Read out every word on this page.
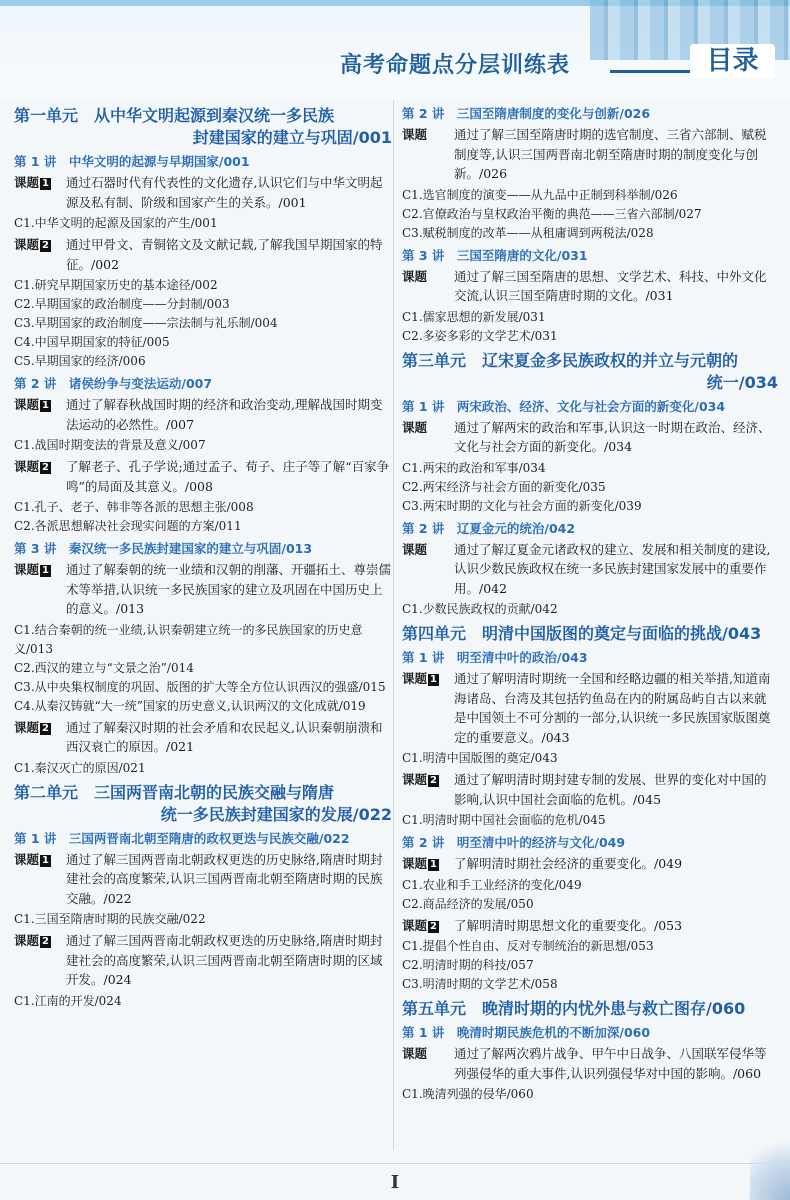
高考命题点分层训练表	目录
第一单元　从中华文明起源到秦汉统一多民族
封建国家的建立与巩固/001
第 1 讲　中华文明的起源与早期国家/001
课题 1	通过石器时代有代表性的文化遗存,认识它们与中华文明起源及私有制、阶级和国家产生的关系。/001
C1.中华文明的起源及国家的产生/001
课题 2	通过甲骨文、青铜铭文及文献记载,了解我国早期国家的特征。/002
C1.研究早期国家历史的基本途径/002
C2.早期国家的政治制度——分封制/003
C3.早期国家的政治制度——宗法制与礼乐制/004
C4.中国早期国家的特征/005
C5.早期国家的经济/006
第 2 讲　诸侯纷争与变法运动/007
课题 1	通过了解春秋战国时期的经济和政治变动,理解战国时期变法运动的必然性。/007
C1.战国时期变法的背景及意义/007
课题 2	了解老子、孔子学说;通过孟子、荀子、庄子等了解“百家争鸣”的局面及其意义。/008
C1.孔子、老子、韩非等各派的思想主张/008
C2.各派思想解决社会现实问题的方案/011
第 3 讲　秦汉统一多民族封建国家的建立与巩固/013
课题 1	通过了解秦朝的统一业绩和汉朝的削藩、开疆拓土、尊崇儒术等举措,认识统一多民族国家的建立及巩固在中国历史上的意义。/013
C1.结合秦朝的统一业绩,认识秦朝建立统一的多民族国家的历史意义/013
C2.西汉的建立与“文景之治”/014
C3.从中央集权制度的巩固、版图的扩大等全方位认识西汉的强盛/015
C4.从秦汉铸就“大一统”国家的历史意义,认识两汉的文化成就/019
课题 2	通过了解秦汉时期的社会矛盾和农民起义,认识秦朝崩溃和西汉衰亡的原因。/021
C1.秦汉灭亡的原因/021
第二单元　三国两晋南北朝的民族交融与隋唐
统一多民族封建国家的发展/022
第 1 讲　三国两晋南北朝至隋唐的政权更迭与民族交融/022
课题 1	通过了解三国两晋南北朝政权更迭的历史脉络,隋唐时期封建社会的高度繁荣,认识三国两晋南北朝至隋唐时期的民族交融。/022
C1.三国至隋唐时期的民族交融/022
课题 2	通过了解三国两晋南北朝政权更迭的历史脉络,隋唐时期封建社会的高度繁荣,认识三国两晋南北朝至隋唐时期的区域开发。/024
C1.江南的开发/024
第 2 讲　三国至隋唐制度的变化与创新/026
课题	通过了解三国至隋唐时期的选官制度、三省六部制、赋税制度等,认识三国两晋南北朝至隋唐时期的制度变化与创新。/026
C1.选官制度的演变——从九品中正制到科举制/026
C2.官僚政治与皇权政治平衡的典范——三省六部制/027
C3.赋税制度的改革——从租庸调到两税法/028
第 3 讲　三国至隋唐的文化/031
课题	通过了解三国至隋唐的思想、文学艺术、科技、中外文化交流,认识三国至隋唐时期的文化。/031
C1.儒家思想的新发展/031
C2.多姿多彩的文学艺术/031
第三单元　辽宋夏金多民族政权的并立与元朝的
统一/034
第 1 讲　两宋政治、经济、文化与社会方面的新变化/034
课题	通过了解两宋的政治和军事,认识这一时期在政治、经济、文化与社会方面的新变化。/034
C1.两宋的政治和军事/034
C2.两宋经济与社会方面的新变化/035
C3.两宋时期的文化与社会方面的新变化/039
第 2 讲　辽夏金元的统治/042
课题	通过了解辽夏金元诸政权的建立、发展和相关制度的建设,认识少数民族政权在统一多民族封建国家发展中的重要作用。/042
C1.少数民族政权的贡献/042
第四单元　明清中国版图的奠定与面临的挑战/043
第 1 讲　明至清中叶的政治/043
课题 1	通过了解明清时期统一全国和经略边疆的相关举措,知道南海诸岛、台湾及其包括钓鱼岛在内的附属岛屿自古以来就是中国领土不可分割的一部分,认识统一多民族国家版图奠定的重要意义。/043
C1.明清中国版图的奠定/043
课题 2	通过了解明清时期封建专制的发展、世界的变化对中国的影响,认识中国社会面临的危机。/045
C1.明清时期中国社会面临的危机/045
第 2 讲　明至清中叶的经济与文化/049
课题 1	了解明清时期社会经济的重要变化。/049
C1.农业和手工业经济的变化/049
C2.商品经济的发展/050
课题 2	了解明清时期思想文化的重要变化。/053
C1.提倡个性自由、反对专制统治的新思想/053
C2.明清时期的科技/057
C3.明清时期的文学艺术/058
第五单元　晚清时期的内忧外患与救亡图存/060
第 1 讲　晚清时期民族危机的不断加深/060
课题	通过了解两次鸦片战争、甲午中日战争、八国联军侵华等列强侵华的重大事件,认识列强侵华对中国的影响。/060
C1.晚清列强的侵华/060
I
